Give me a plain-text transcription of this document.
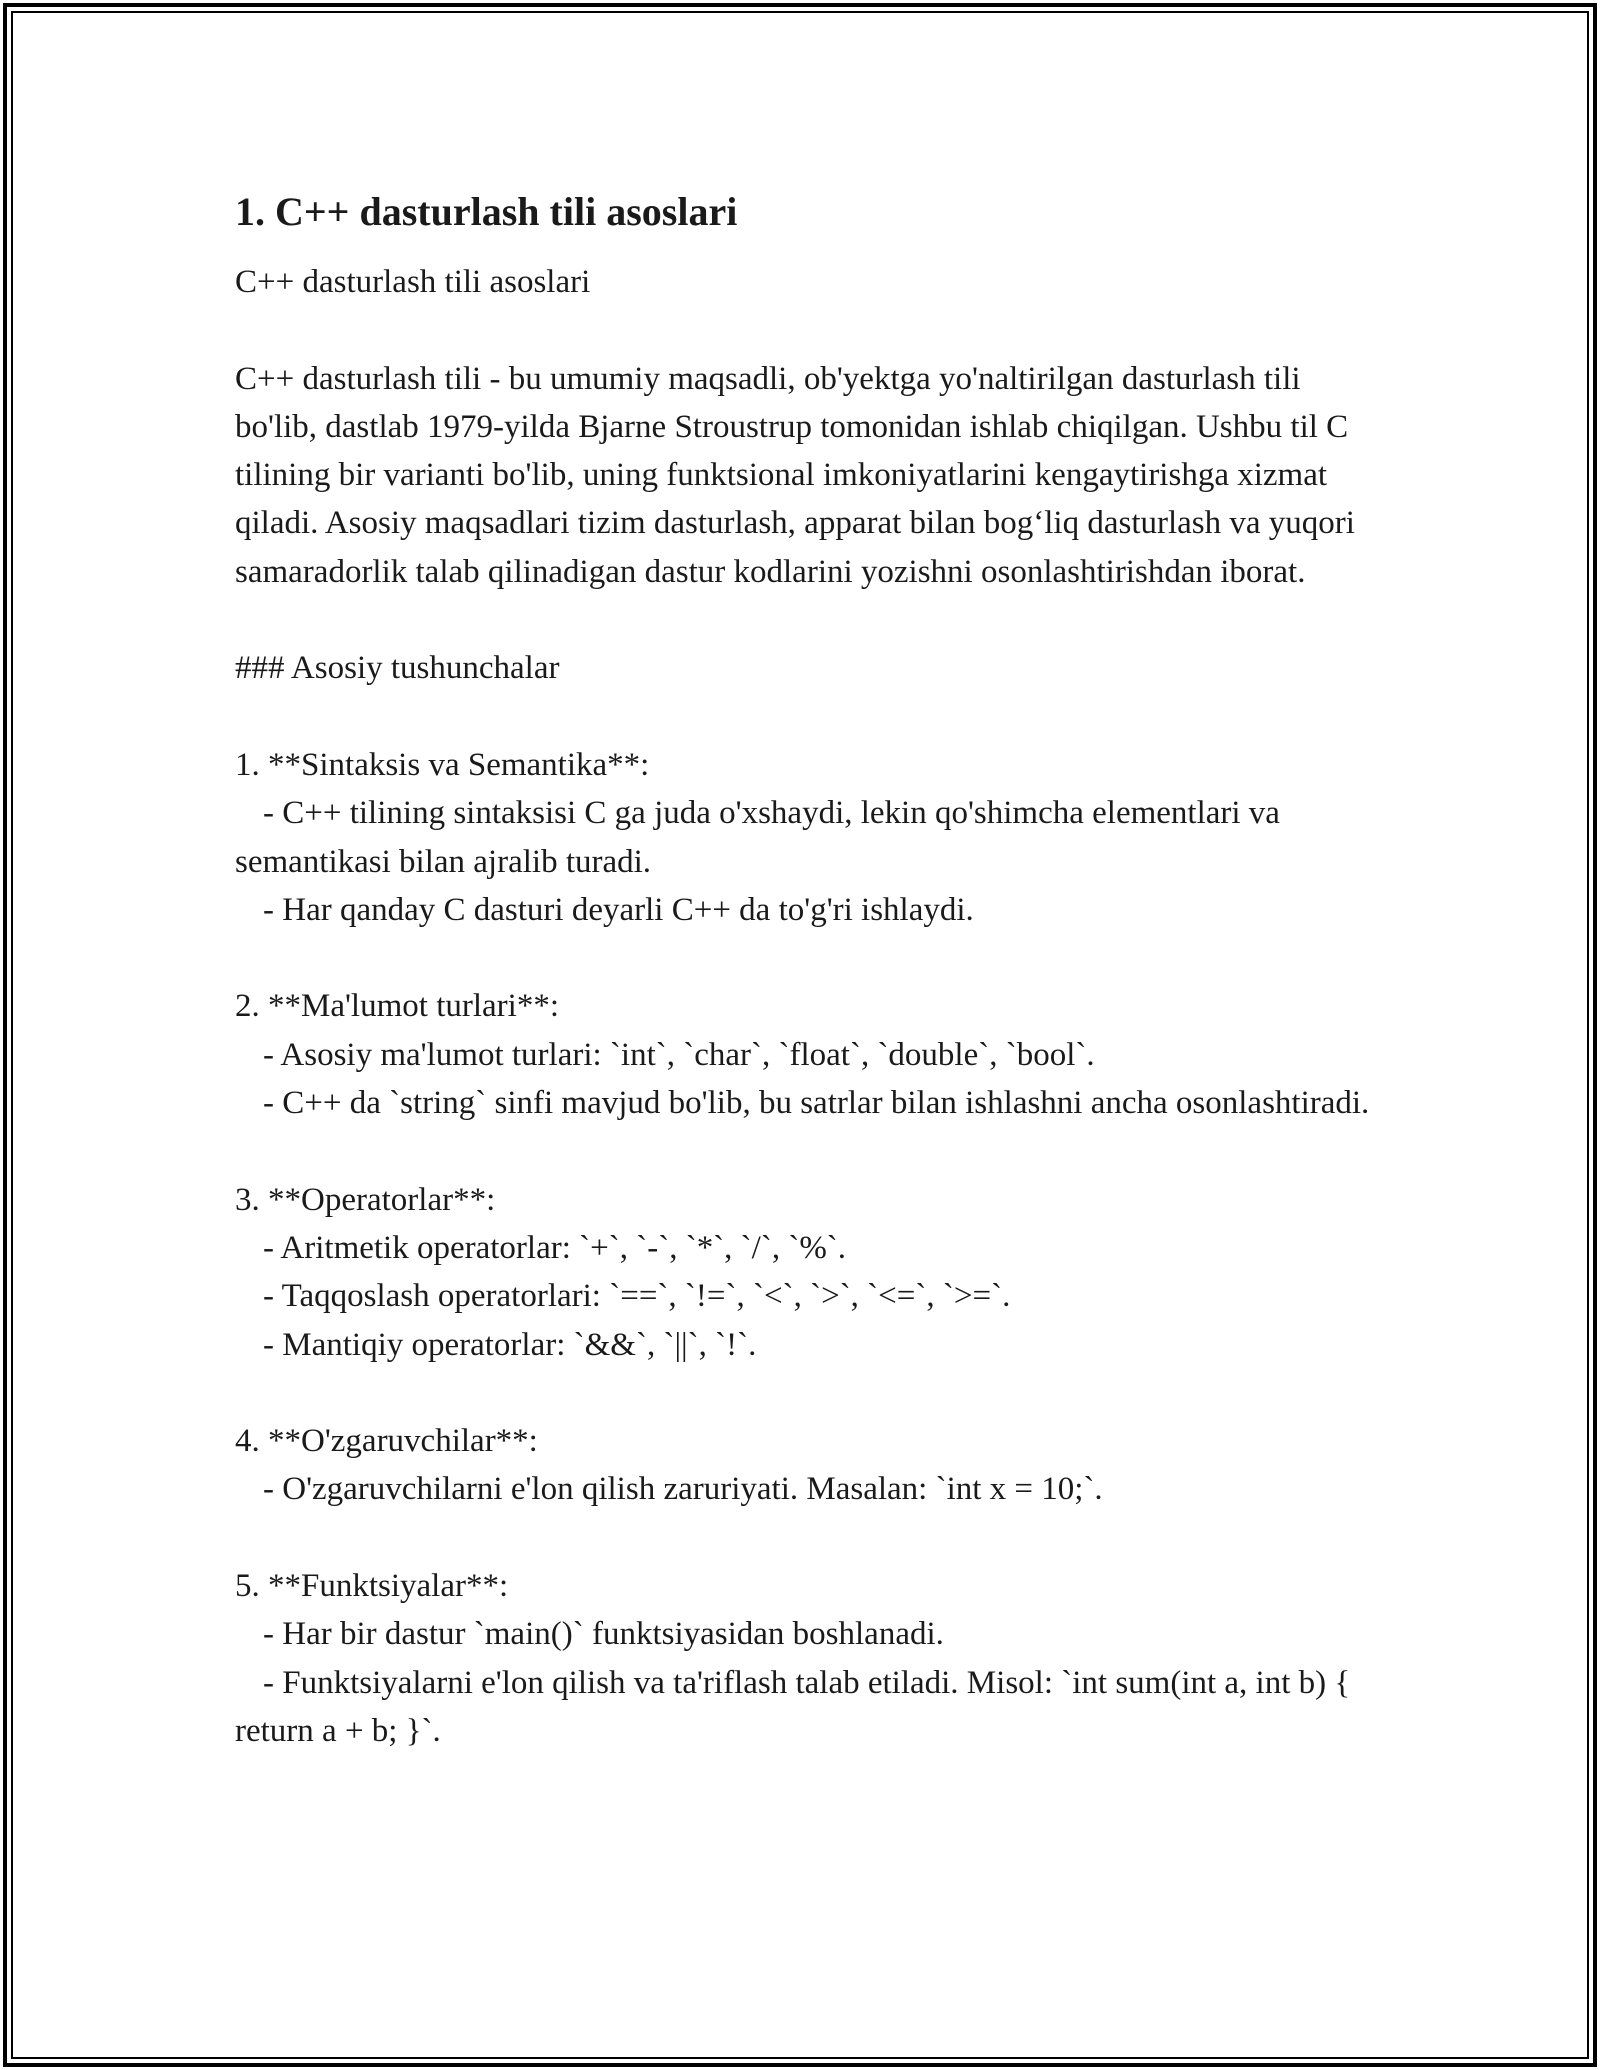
1. C++ dasturlash tili asoslari

C++ dasturlash tili asoslari

C++ dasturlash tili - bu umumiy maqsadli, ob'yektga yo'naltirilgan dasturlash tili bo'lib, dastlab 1979-yilda Bjarne Stroustrup tomonidan ishlab chiqilgan. Ushbu til C tilining bir varianti bo'lib, uning funktsional imkoniyatlarini kengaytirishga xizmat qiladi. Asosiy maqsadlari tizim dasturlash, apparat bilan bog‘liq dasturlash va yuqori samaradorlik talab qilinadigan dastur kodlarini yozishni osonlashtirishdan iborat.

### Asosiy tushunchalar

1. **Sintaksis va Semantika**:

- C++ tilining sintaksisi C ga juda o'xshaydi, lekin qo'shimcha elementlari va semantikasi bilan ajralib turadi.

- Har qanday C dasturi deyarli C++ da to'g'ri ishlaydi.

2. **Ma'lumot turlari**:

- Asosiy ma'lumot turlari: `int`, `char`, `float`, `double`, `bool`.

- C++ da `string` sinfi mavjud bo'lib, bu satrlar bilan ishlashni ancha osonlashtiradi.

3. **Operatorlar**:

- Aritmetik operatorlar: `+`, `-`, `*`, `/`, `%`.

- Taqqoslash operatorlari: `==`, `!=`, `<`, `>`, `<=`, `>=`.

- Mantiqiy operatorlar: `&&`, `||`, `!`.

4. **O'zgaruvchilar**:

- O'zgaruvchilarni e'lon qilish zaruriyati. Masalan: `int x = 10;`.

5. **Funktsiyalar**:

- Har bir dastur `main()` funktsiyasidan boshlanadi.

- Funktsiyalarni e'lon qilish va ta'riflash talab etiladi. Misol: `int sum(int a, int b) { return a + b; }`.
